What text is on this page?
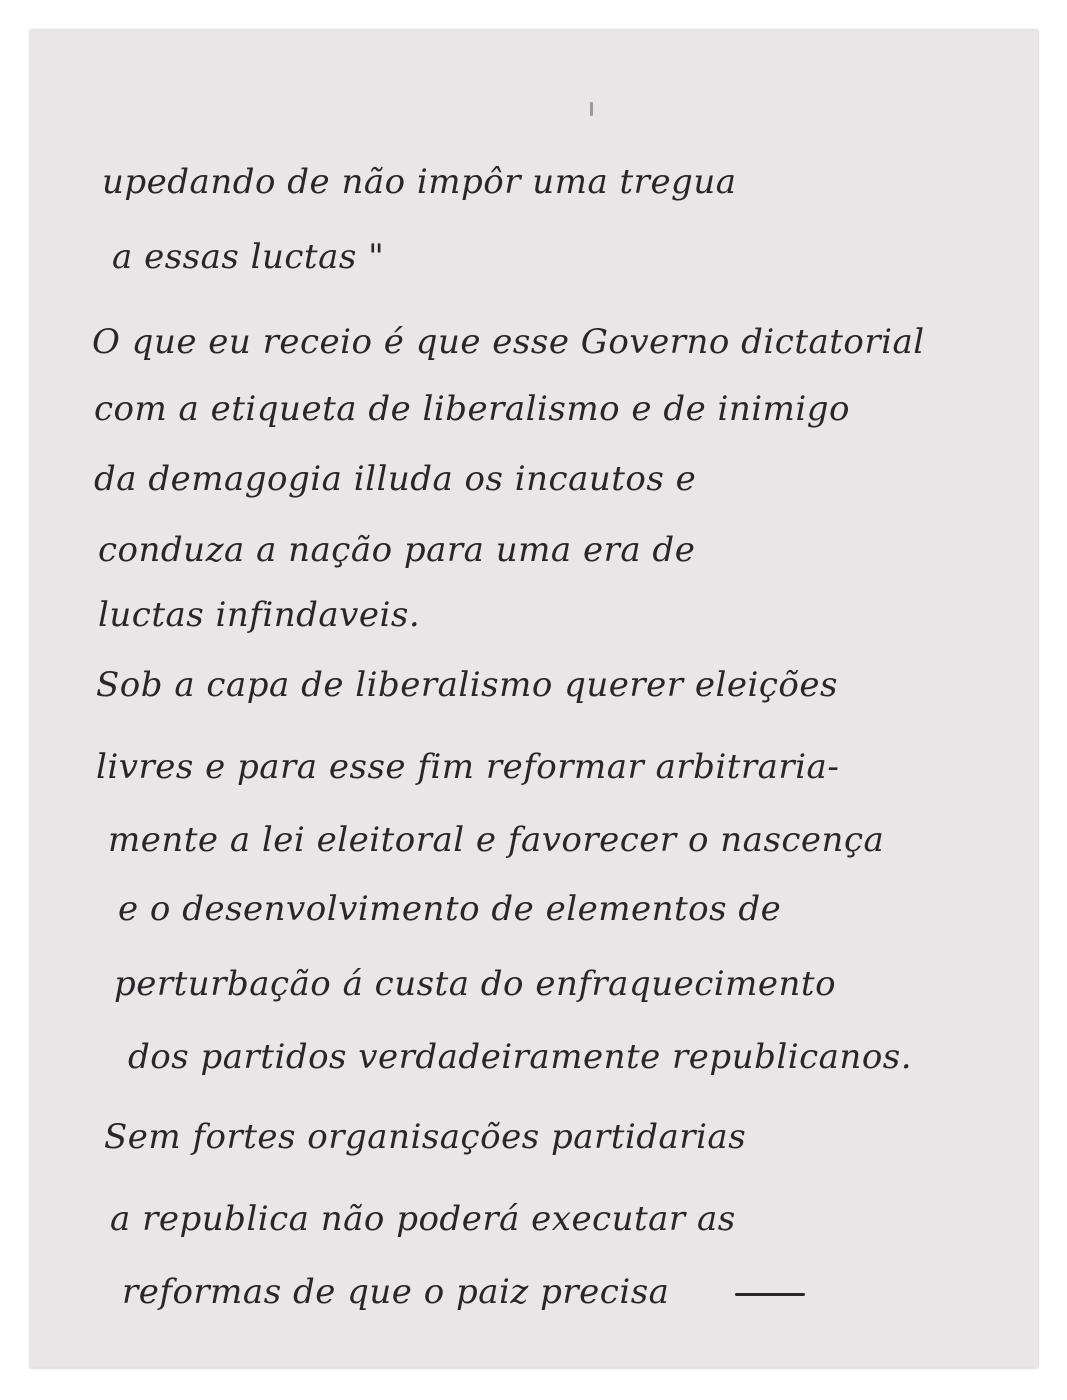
upedando de não impôr uma tregua

a essas luctas "

O que eu receio é que esse Governo dictatorial

com a etiqueta de liberalismo e de inimigo

da demagogia illuda os incautos e

conduza a nação para uma era de

luctas infindaveis.

Sob a capa de liberalismo querer eleições

livres e para esse fim reformar arbitraria-

mente a lei eleitoral e favorecer o nascença

e o desenvolvimento de elementos de

perturbação á custa do enfraquecimento

dos partidos verdadeiramente republicanos.

Sem fortes organisações partidarias

a republica não poderá executar as

reformas de que o paiz precisa
